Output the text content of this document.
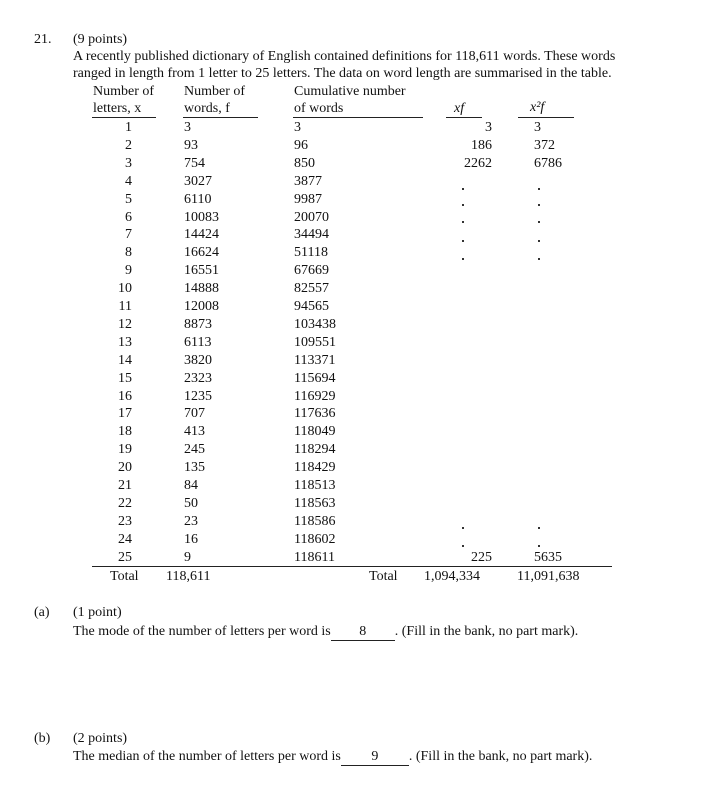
21. (9 points)
A recently published dictionary of English contained definitions for 118,611 words. These words
ranged in length from 1 letter to 25 letters. The data on word length are summarised in the table.
Number of
letters, x
Number of
words, f
Cumulative number
of words	xf	x²f
1	3	3	3	3
2	93	96	186	372
3	754	850	2262	6786
4	3027	3877
5	6110	9987
6	10083	20070
7	14424	34494
8	16624	51118
9	16551	67669
10	14888	82557
11	12008	94565
12	8873	103438
13	6113	109551
14	3820	113371
15	2323	115694
16	1235	116929
17	707	117636
18	413	118049
19	245	118294
20	135	118429
21	84	118513
22	50	118563
23	23	118586
24	16	118602
25	9	118611	225	5635
Total 118,611	Total 1,094,334	11,091,638
(a) (1 point)
The mode of the number of letters per word is 8 . (Fill in the bank, no part mark).
(b) (2 points)
The median of the number of letters per word is 9 . (Fill in the bank, no part mark).
